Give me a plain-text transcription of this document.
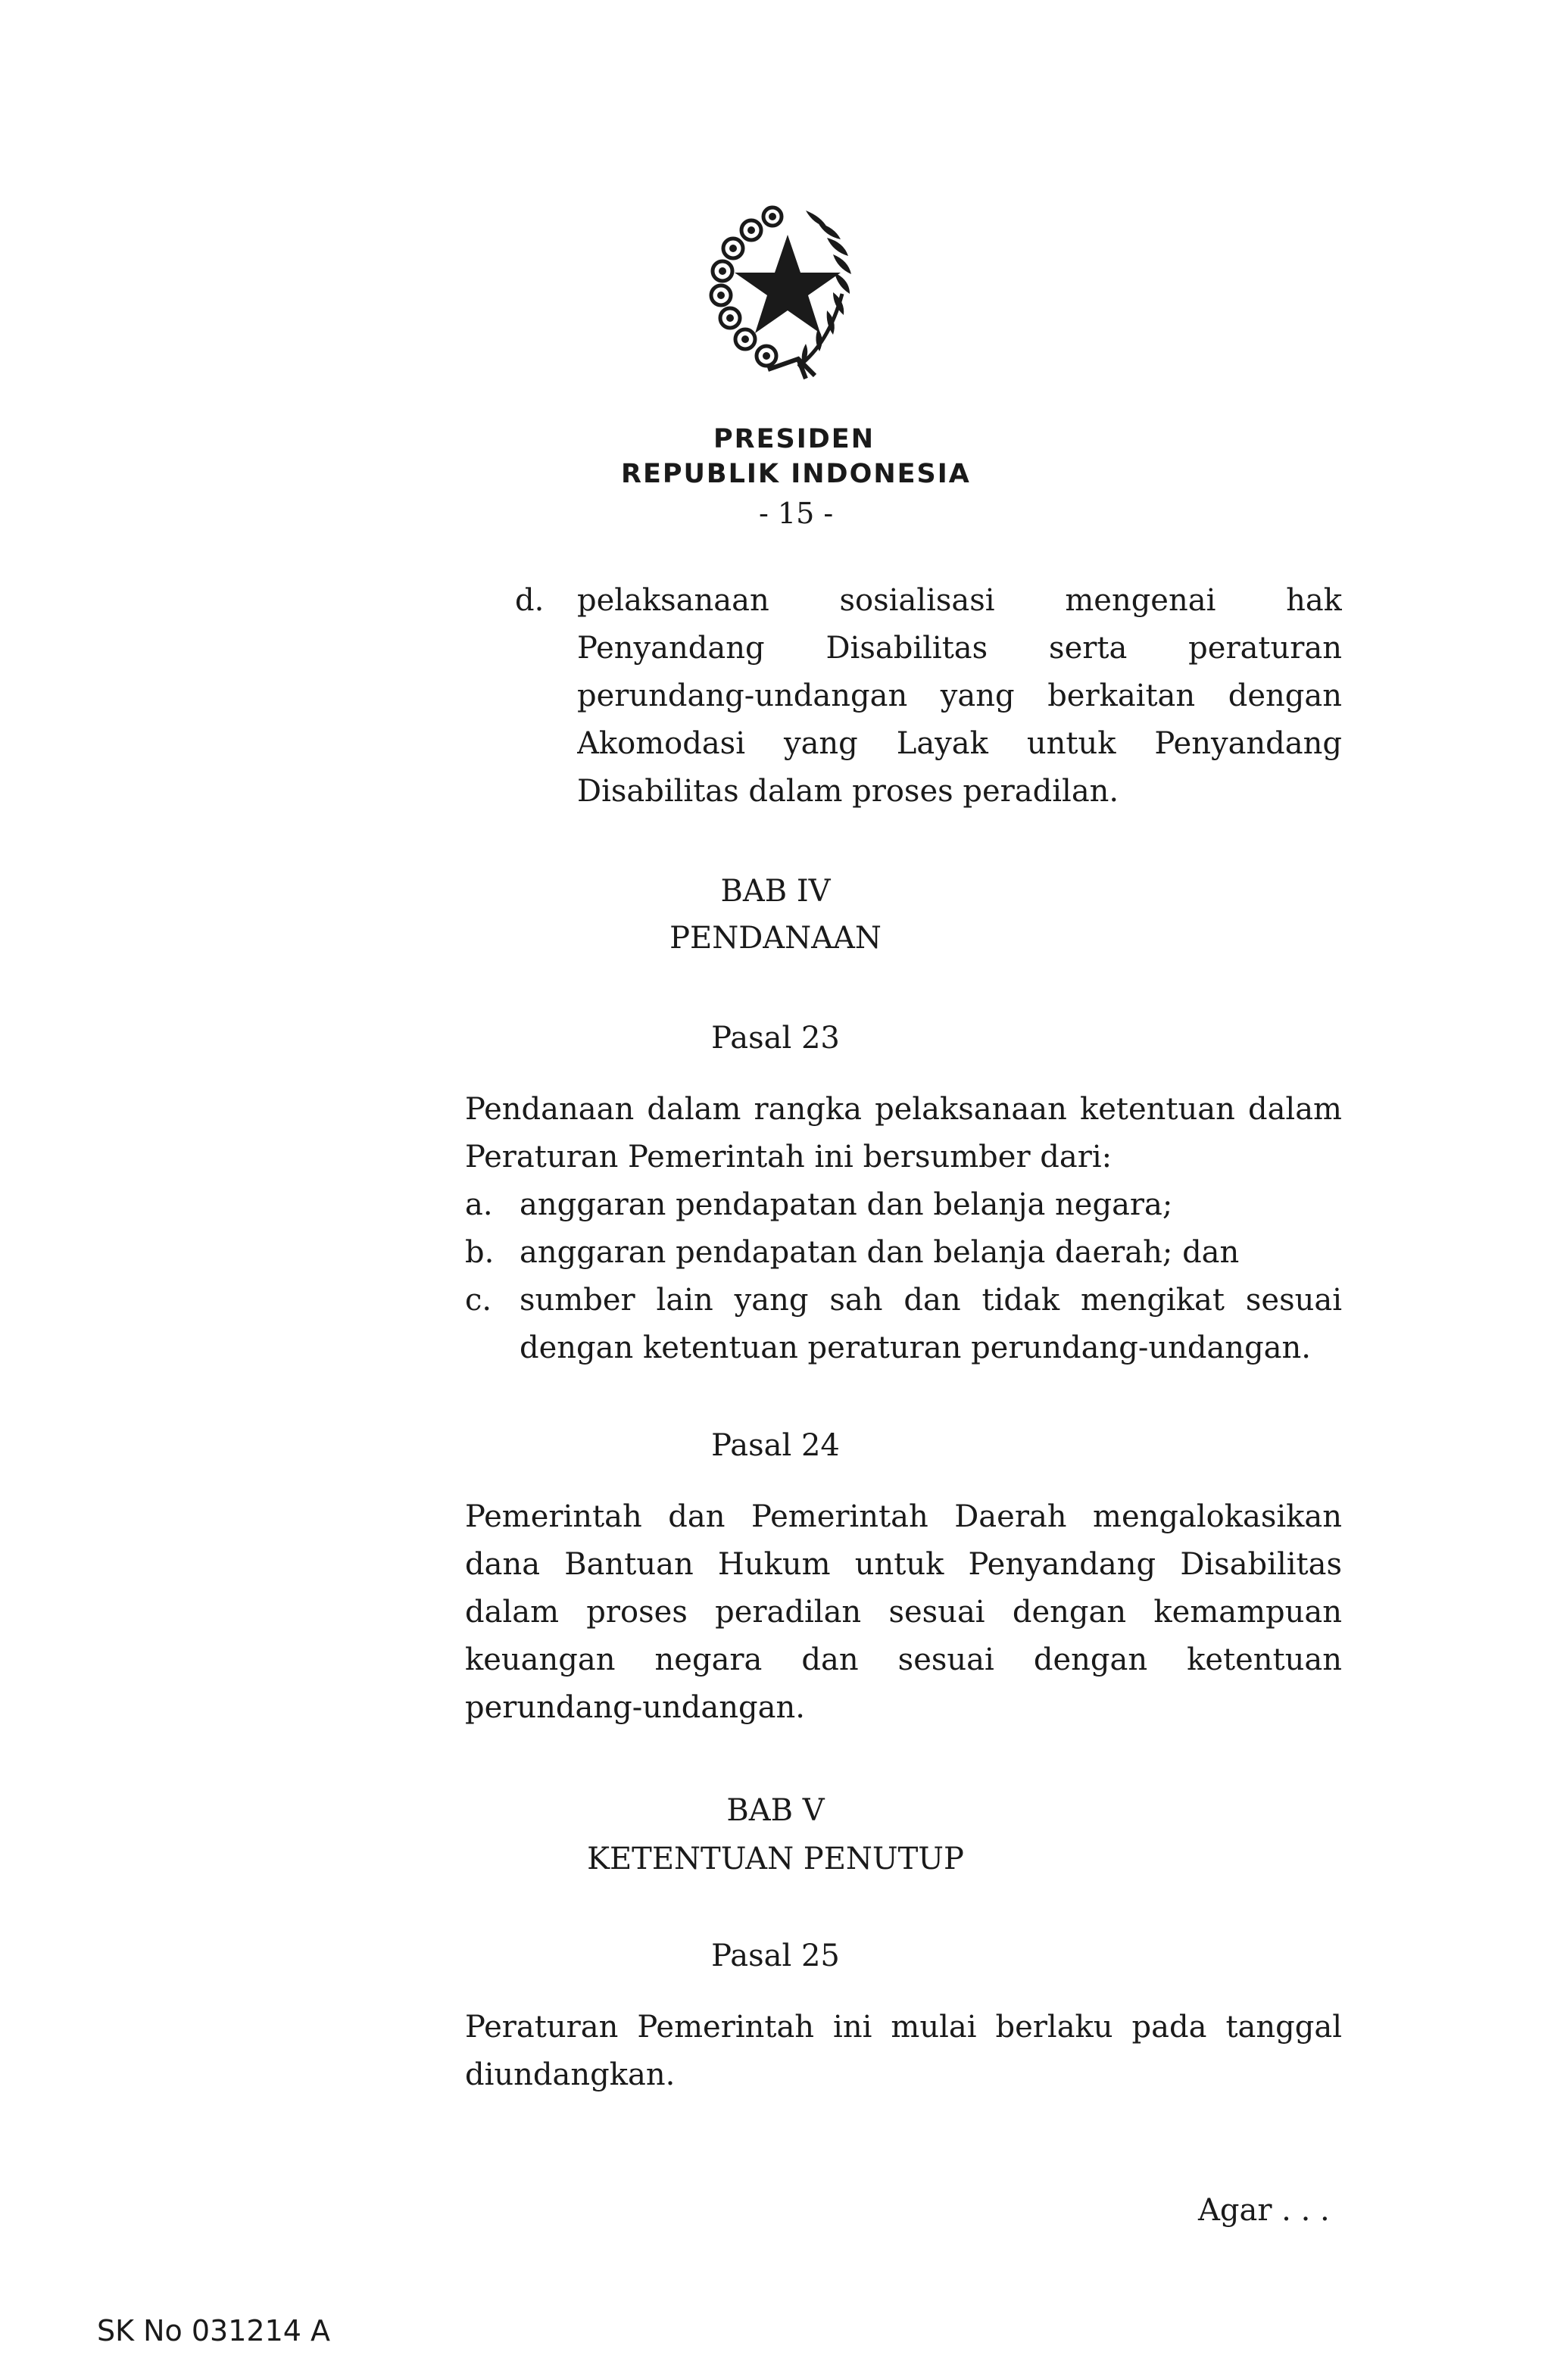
PRESIDEN
REPUBLIK INDONESIA
- 15 -
d. pelaksanaan sosialisasi mengenai hak
Penyandang Disabilitas serta peraturan
perundang-undangan yang berkaitan dengan
Akomodasi yang Layak untuk Penyandang
Disabilitas dalam proses peradilan.
BAB IV
PENDANAAN
Pasal 23
Pendanaan dalam rangka pelaksanaan ketentuan dalam
Peraturan Pemerintah ini bersumber dari:
a. anggaran pendapatan dan belanja negara;
b. anggaran pendapatan dan belanja daerah; dan
c. sumber lain yang sah dan tidak mengikat sesuai
dengan ketentuan peraturan perundang-undangan.
Pasal 24
Pemerintah dan Pemerintah Daerah mengalokasikan
dana Bantuan Hukum untuk Penyandang Disabilitas
dalam proses peradilan sesuai dengan kemampuan
keuangan negara dan sesuai dengan ketentuan
perundang-undangan.
BAB V
KETENTUAN PENUTUP
Pasal 25
Peraturan Pemerintah ini mulai berlaku pada tanggal
diundangkan.
Agar . . .
SK No 031214 A
